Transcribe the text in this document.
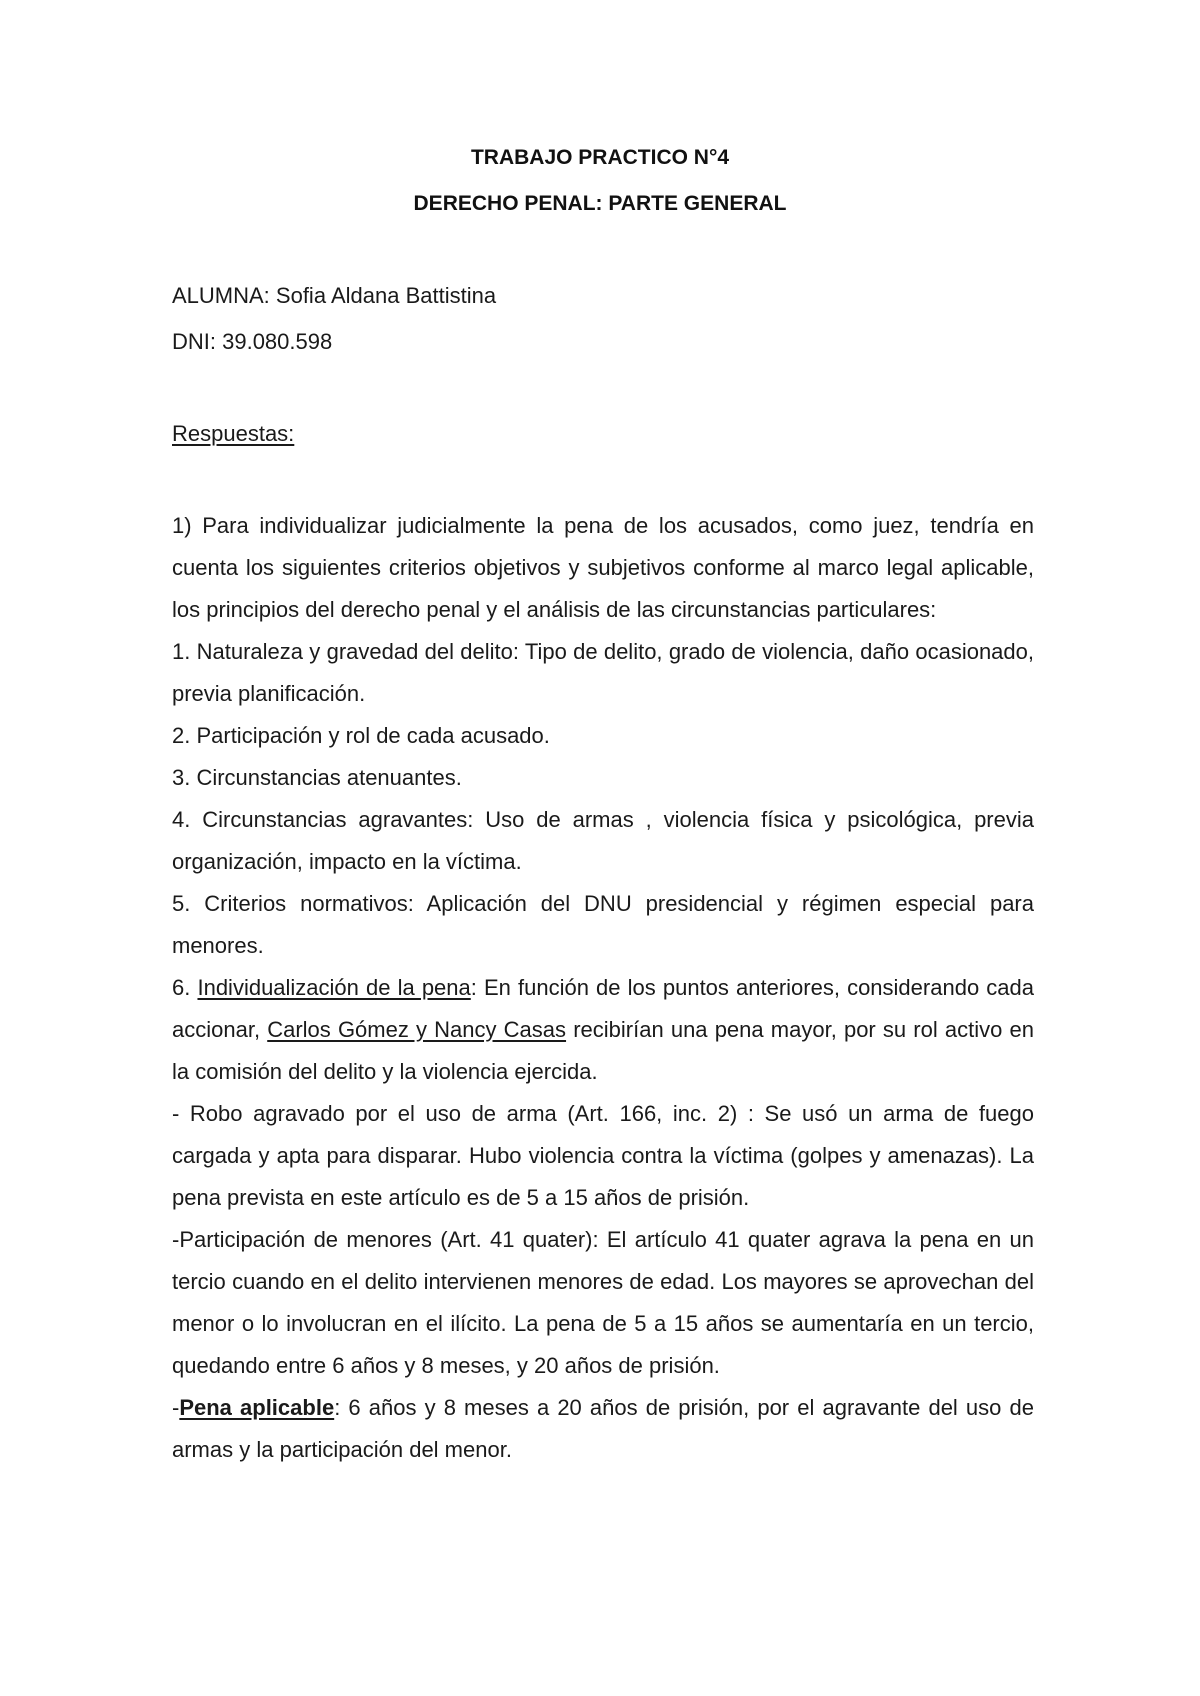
TRABAJO PRACTICO N°4
DERECHO PENAL: PARTE GENERAL
ALUMNA: Sofia Aldana Battistina
DNI: 39.080.598
Respuestas:
1) Para individualizar judicialmente la pena de los acusados, como juez, tendría en cuenta los siguientes criterios objetivos y subjetivos conforme al marco legal aplicable, los principios del derecho penal y el análisis de las circunstancias particulares:
1. Naturaleza y gravedad del delito: Tipo de delito, grado de violencia, daño ocasionado, previa planificación.
2. Participación y rol de cada acusado.
3. Circunstancias atenuantes.
4. Circunstancias agravantes: Uso de armas , violencia física y psicológica, previa organización, impacto en la víctima.
5. Criterios normativos: Aplicación del DNU presidencial y régimen especial para menores.
6. Individualización de la pena: En función de los puntos anteriores, considerando cada accionar, Carlos Gómez y Nancy Casas recibirían una pena mayor, por su rol activo en la comisión del delito y la violencia ejercida.
- Robo agravado por el uso de arma (Art. 166, inc. 2) : Se usó un arma de fuego cargada y apta para disparar. Hubo violencia contra la víctima (golpes y amenazas). La pena prevista en este artículo es de 5 a 15 años de prisión.
-Participación de menores (Art. 41 quater): El artículo 41 quater agrava la pena en un tercio cuando en el delito intervienen menores de edad. Los mayores se aprovechan del menor o lo involucran en el ilícito. La pena de 5 a 15 años se aumentaría en un tercio, quedando entre 6 años y 8 meses, y 20 años de prisión.
-Pena aplicable: 6 años y 8 meses a 20 años de prisión, por el agravante del uso de armas y la participación del menor.
